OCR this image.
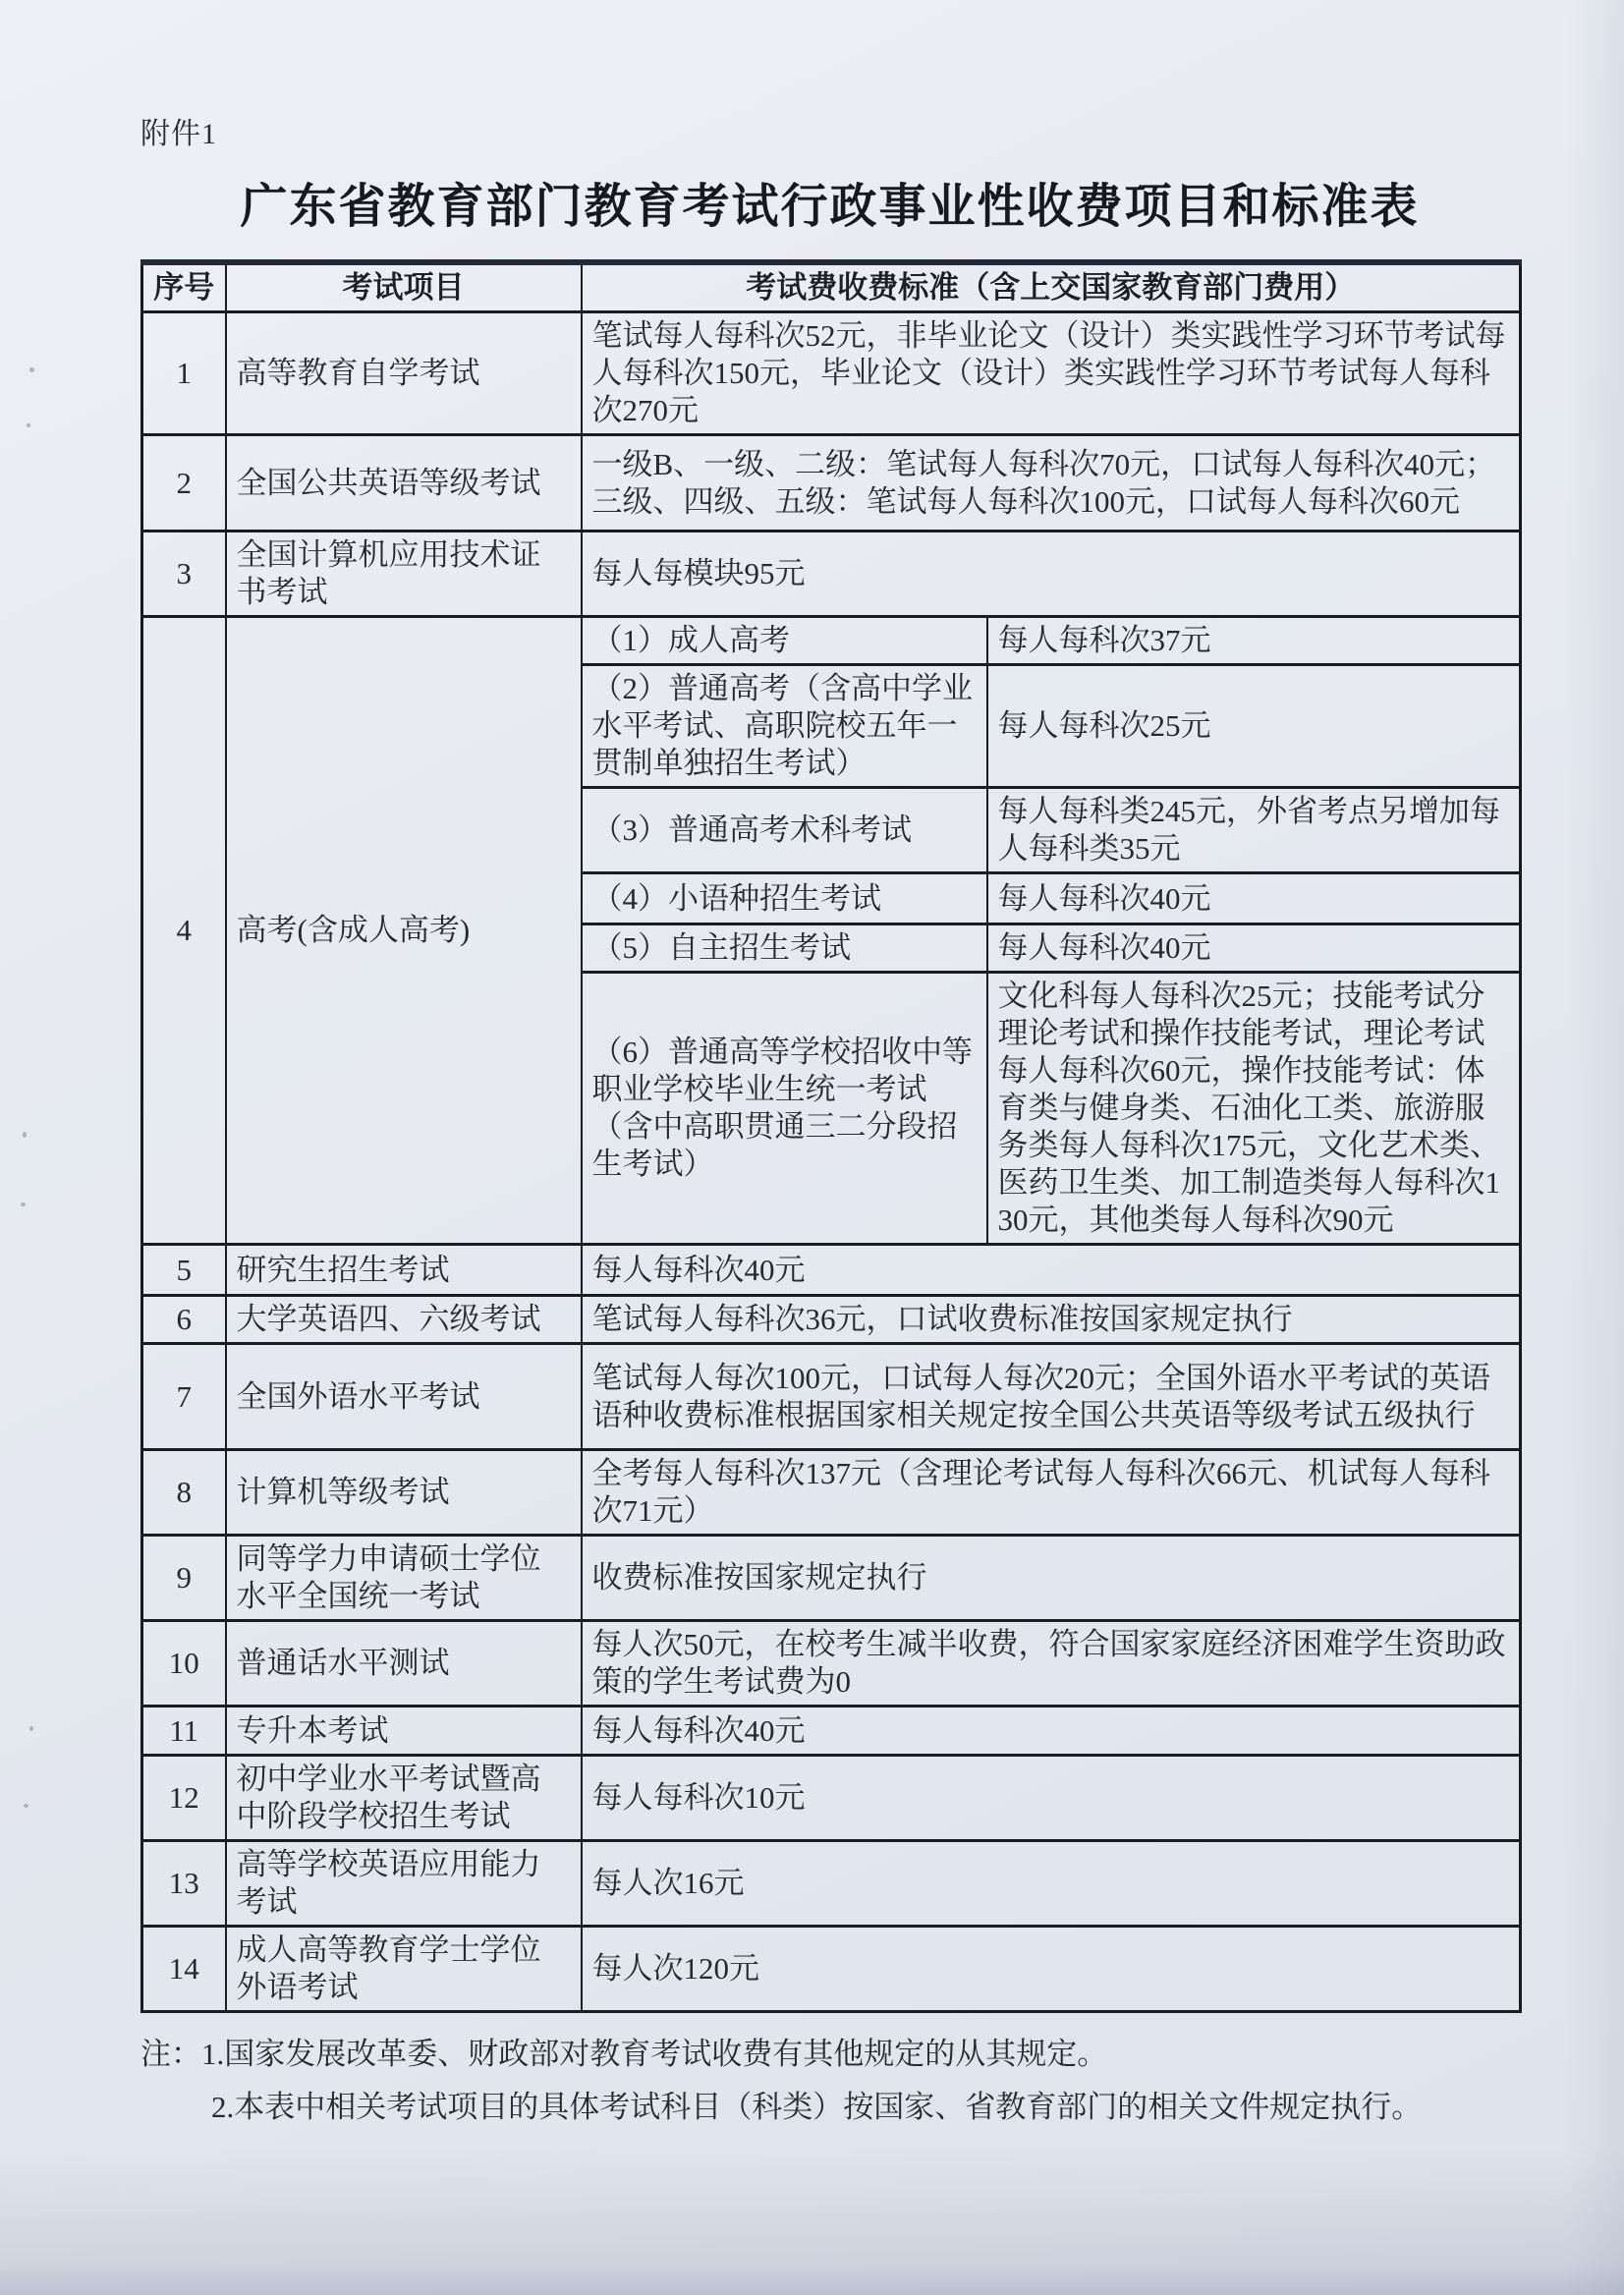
附件1
广东省教育部门教育考试行政事业性收费项目和标准表
序号	考试项目	考试费收费标准（含上交国家教育部门费用）	
1	高等教育自学考试	笔试每人每科次52元，非毕业论文（设计）类实践性学习环节考试每人每科次150元，毕业论文（设计）类实践性学习环节考试每人每科次270元	
2	全国公共英语等级考试	一级B、一级、二级：笔试每人每科次70元，口试每人每科次40元；三级、四级、五级：笔试每人每科次100元，口试每人每科次60元	
3	全国计算机应用技术证书考试	每人每模块95元	
4	高考(含成人高考)	（1）成人高考	每人每科次37元
		（2）普通高考（含高中学业水平考试、高职院校五年一贯制单独招生考试）	每人每科次25元
		（3）普通高考术科考试	每人每科类245元，外省考点另增加每人每科类35元
		（4）小语种招生考试	每人每科次40元
		（5）自主招生考试	每人每科次40元
		（6）普通高等学校招收中等职业学校毕业生统一考试（含中高职贯通三二分段招生考试）	文化科每人每科次25元；技能考试分理论考试和操作技能考试，理论考试每人每科次60元，操作技能考试：体育类与健身类、石油化工类、旅游服务类每人每科次175元，文化艺术类、医药卫生类、加工制造类每人每科次130元，其他类每人每科次90元
5	研究生招生考试	每人每科次40元	
6	大学英语四、六级考试	笔试每人每科次36元，口试收费标准按国家规定执行	
7	全国外语水平考试	笔试每人每次100元，口试每人每次20元；全国外语水平考试的英语语种收费标准根据国家相关规定按全国公共英语等级考试五级执行	
8	计算机等级考试	全考每人每科次137元（含理论考试每人每科次66元、机试每人每科次71元）	
9	同等学力申请硕士学位水平全国统一考试	收费标准按国家规定执行	
10	普通话水平测试	每人次50元，在校考生减半收费，符合国家家庭经济困难学生资助政策的学生考试费为0	
11	专升本考试	每人每科次40元	
12	初中学业水平考试暨高中阶段学校招生考试	每人每科次10元	
13	高等学校英语应用能力考试	每人次16元	
14	成人高等教育学士学位外语考试	每人次120元	
注：1.国家发展改革委、财政部对教育考试收费有其他规定的从其规定。
2.本表中相关考试项目的具体考试科目（科类）按国家、省教育部门的相关文件规定执行。
